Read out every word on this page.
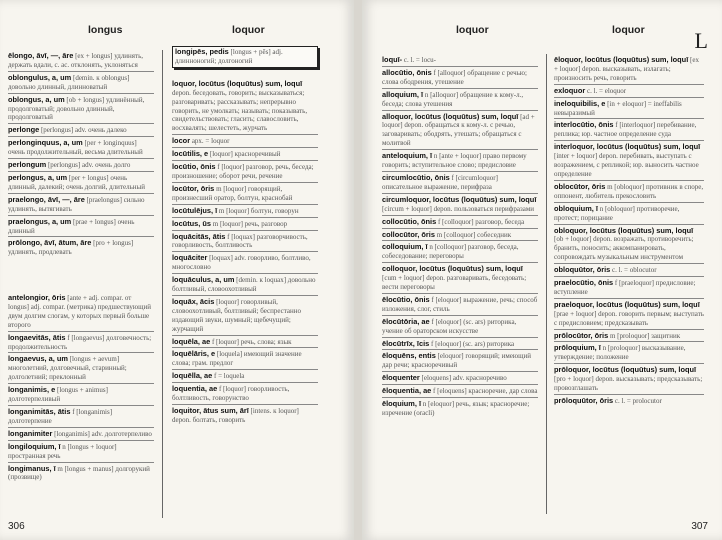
longus	loquor
ēlongo, āvī, —, āre [ex + longus] удлинять, держать вдали, с. ac. отклонять, уклоняться
oblongulus, a, um [demin. к oblongus] довольно длинный, длинноватый
oblongus, a, um [ob + longus] удлинённый, продолговатый; довольно длинный, продолговатый
perlonge [perlongus] adv. очень далеко
perlonginquus, a, um [per + longinquus] очень продолжительный, весьма длительный
perlongum [perlongus] adv. очень долго
perlongus, a, um [per + longus] очень длинный, далекий; очень долгий, длительный
praelongo, āvī, —, āre [praelongus] сильно удлинять, вытягивать
praelongus, a, um [prae + longus] очень длинный
prōlongo, āvī, ātum, āre [pro + longus] удлинять, продлевать
antelongior, ōris [ante + adj. compar. от longus] adj. compar. (метрика) предшествующий двум долгим слогам, у которых первый больше второго
longaevitās, ātis f [longaevus] долговечность; продолжительность
longaevus, a, um [longus + aevum] многолетний, долговечный, старинный; долголетний; преклонный
longanimis, e [longus + animus] долготерпеливый
longanimitās, ātis f [longanimis] долготерпение
longanimiter [longanimis] adv. долготерпеливо
longiloquium, ī n [longus + loquor] пространная речь
longimanus, ī m [longus + manus] долгорукий (прозвище)
longipēs, pedis [longus + pēs] adj. длинноногий; долгоногий
loquor, locūtus (loquūtus) sum, loquī depon. беседовать, говорить; высказываться; разговаривать; рассказывать; непрерывно говорить, не умолкать; называть; показывать, свидетельствовать; гласить; славословить, восхвалять; шелестеть, журчать
locor арх. = loquor
locūtilis, e [loquor] красноречивый
locūtio, ōnis f [loquor] разговор, речь, беседа; произношение; оборот речи, речение
locūtor, ōris m [loquor] говорящий, произнесший оратор, болтун, краснобай
locūtulējus, ī m [loquor] болтун, говорун
locūtus, ūs m [loquor] речь, разговор
loquācitās, ātis f [loquax] разговорчивость, говорливость, болтливость
loquāciter [loquax] adv. говорливо, болтливо, многословно
loquāculus, a, um [demin. к loquax] довольно болтливый, словоохотливый
loquāx, ācis [loquor] говорливый, словоохотливый, болтливый; беспрестанно издающий звуки, шумный; щебечущий; журчащий
loquēla, ae f [loquor] речь, слова; язык
loquēlāris, e [loquela] имеющий значение слова; грам. предлог
loquēlla, ae f = loquela
loquentia, ae f [loquor] говорливость, болтливость, говорунство
loquitor, ātus sum, ārī [intens. к loquor] depon. болтать, говорить
306
loquor	loquor L
loquī- c. l. = locu-
allocūtio, ōnis f [alloquor] обращение с речью; слова ободрения, утешение
alloquium, ī n [alloquor] обращение к кому-л., беседа; слова утешения
alloquor, locūtus (loquūtus) sum, loquī [ad + loquor] depon. обращаться к кому-л. с речью, заговаривать; ободрять, утешать; обращаться с молитвой
anteloquium, ī n [ante + loquor] право первому говорить; вступительное слово; предисловие
circumlocūtio, ōnis f [circumloquor] описательное выражение, перифраза
circumloquor, locūtus (loquūtus) sum, loquī [circum + loquor] depon. пользоваться перифразами
collocūtio, ōnis f [colloquor] разговор, беседа
collocūtor, ōris m [colloquor] собеседник
colloquium, ī n [colloquor] разговор, беседа, собеседование; переговоры
colloquor, locūtus (loquūtus) sum, loquī [cum + loquor] depon. разговаривать, беседовать; вести переговоры
ēlocūtio, ōnis f [eloquor] выражение, речь; способ изложения, слог, стиль
ēlocūtōria, ae f [eloquor] (sc. ars) риторика, учение об ораторском искусстве
ēlocūtrīx, īcis f [eloquor] (sc. ars) риторика
ēloquēns, entis [eloquor] говорящий; имеющий дар речи; красноречивый
ēloquenter [eloquens] adv. красноречиво
ēloquentia, ae f [eloquens] красноречие, дар слова
ēloquium, ī n [eloquor] речь, язык; красноречие; изречение (oracli)
ēloquor, locūtus (loquūtus) sum, loquī [ex + loquor] depon. высказывать, излагать; произносить речь, говорить
exloquor c. l. = eloquor
ineloquibilis, e [in + eloquor] = ineffabilis невыразимый
interlocūtio, ōnis f [interloquor] перебивание, реплика; юр. частное определение суда
interloquor, locūtus (loquūtus) sum, loquī [inter + loquor] depon. перебивать, выступать с возражением, с репликой; юр. выносить частное определение
oblocūtor, ōris m [obloquor] противник в споре, оппонент, любитель прекословить
obloquium, ī n [obloquor] противоречие, протест; порицание
obloquor, locūtus (loquūtus) sum, loquī [ob + loquor] depon. возражать, противоречить; бранить, поносить; аккомпанировать, сопровождать музыкальным инструментом
obloquūtor, ōris c. l. = oblocutor
praelocūtio, ōnis f [praeloquor] предисловие; вступление
praeloquor, locūtus (loquūtus) sum, loquī [prae + loquor] depon. говорить первым; выступать с предисловием; предсказывать
prōlocūtor, ōris m [proloquor] защитник
prōloquium, ī n [proloquor] высказывание, утверждение; положение
prōloquor, locūtus (loquūtus) sum, loquī [pro + loquor] depon. высказывать; предсказывать; провозглашать
prōloquūtor, ōris c. l. = prolocutor
307
